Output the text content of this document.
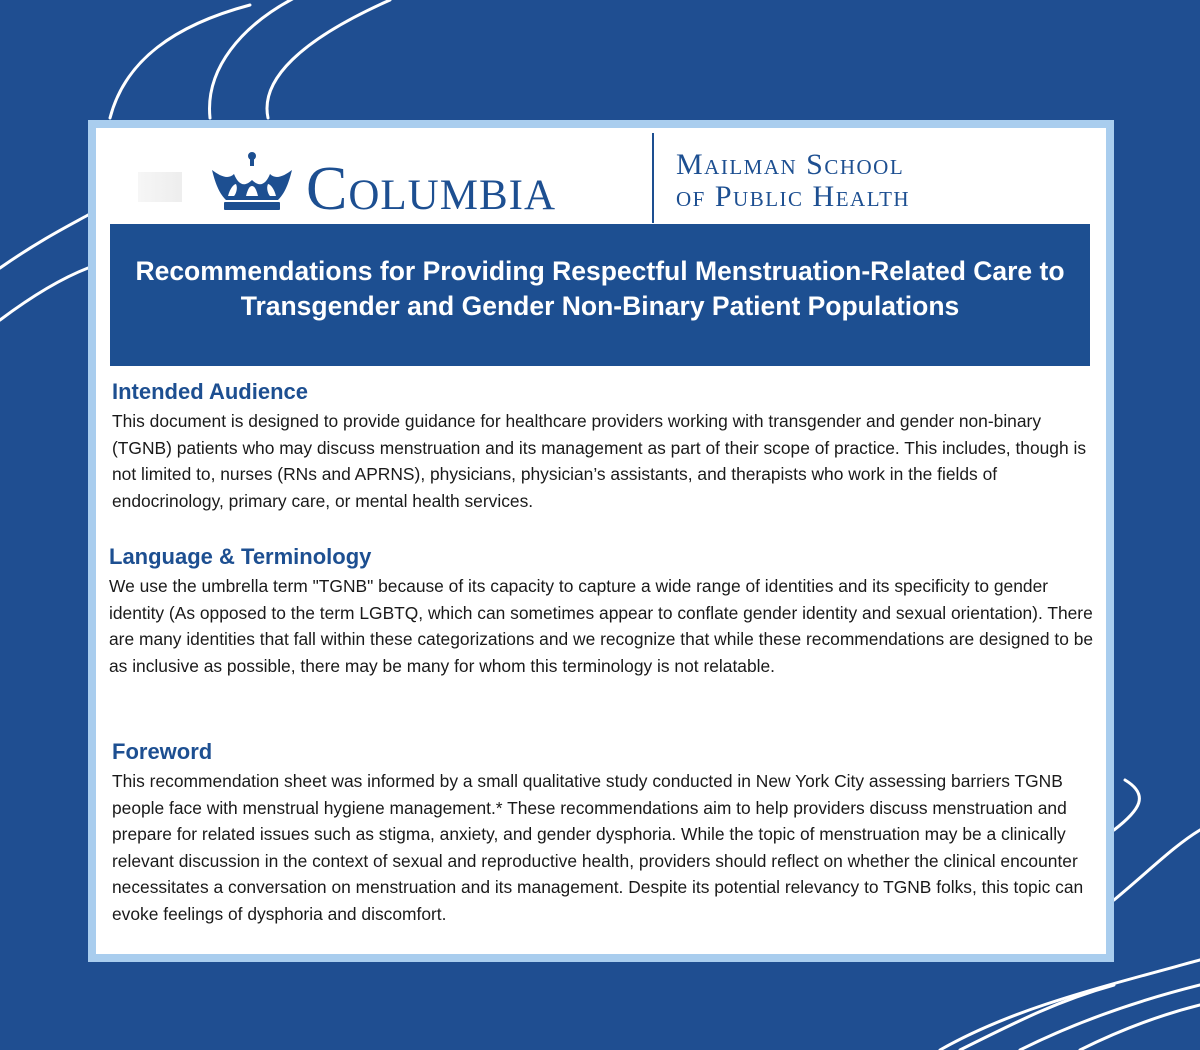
Columbia	Mailman School
of Public Health
Recommendations for Providing Respectful Menstruation-Related Care to Transgender and Gender Non-Binary Patient Populations
Intended Audience

This document is designed to provide guidance for healthcare providers working with transgender and gender non-binary (TGNB) patients who may discuss menstruation and its management as part of their scope of practice. This includes, though is not limited to, nurses (RNs and APRNS), physicians, physician’s assistants, and therapists who work in the fields of endocrinology, primary care, or mental health services.

Language & Terminology

We use the umbrella term "TGNB" because of its capacity to capture a wide range of identities and its specificity to gender identity (As opposed to the term LGBTQ, which can sometimes appear to conflate gender identity and sexual orientation). There are many identities that fall within these categorizations and we recognize that while these recommendations are designed to be as inclusive as possible, there may be many for whom this terminology is not relatable.

Foreword

This recommendation sheet was informed by a small qualitative study conducted in New York City assessing barriers TGNB people face with menstrual hygiene management.* These recommendations aim to help providers discuss menstruation and prepare for related issues such as stigma, anxiety, and gender dysphoria. While the topic of menstruation may be a clinically relevant discussion in the context of sexual and reproductive health, providers should reflect on whether the clinical encounter necessitates a conversation on menstruation and its management. Despite its potential relevancy to TGNB folks, this topic can evoke feelings of dysphoria and discomfort.
